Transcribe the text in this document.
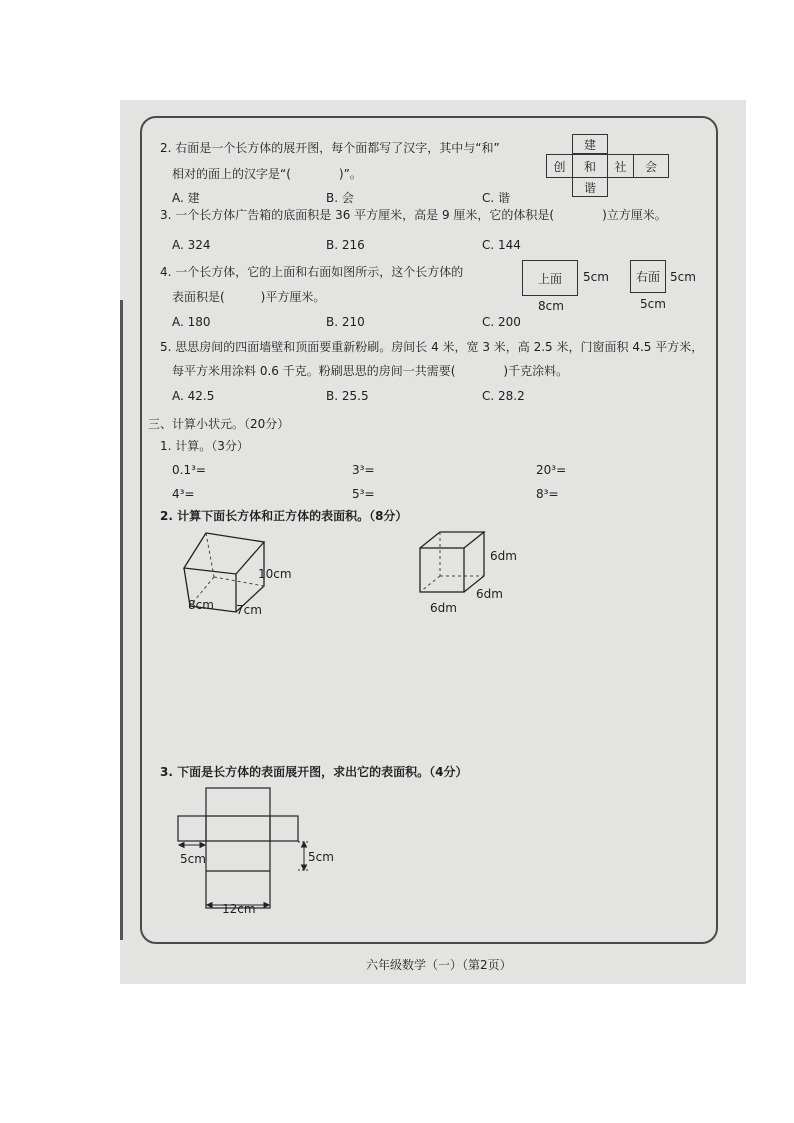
2. 右面是一个长方体的展开图，每个面都写了汉字，其中与“和”
相对的面上的汉字是“(　　　　)”。
A. 建	B. 会	C. 谐
建
创	和	社	会
谐
3. 一个长方体广告箱的底面积是 36 平方厘米，高是 9 厘米，它的体积是(　　　　)立方厘米。
A. 324	B. 216	C. 144
4. 一个长方体，它的上面和右面如图所示，这个长方体的
表面积是(　　　)平方厘米。
A. 180	B. 210	C. 200
上面	5cm
8cm
右面 5cm
5cm
5. 思思房间的四面墙壁和顶面要重新粉刷。房间长 4 米，宽 3 米，高 2.5 米，门窗面积 4.5 平方米，
每平方米用涂料 0.6 千克。粉刷思思的房间一共需要(　　　　)千克涂料。
A. 42.5	B. 25.5	C. 28.2
三、计算小状元。（20分）
1. 计算。（3分）
0.1³=	3³=	20³=
4³=	5³=	8³=
2. 计算下面长方体和正方体的表面积。（8分）
10cm
8cm 7cm
6dm
6dm
6dm
3. 下面是长方体的表面展开图，求出它的表面积。（4分）
5cm	5cm
12cm
六年级数学（一）（第2页）
